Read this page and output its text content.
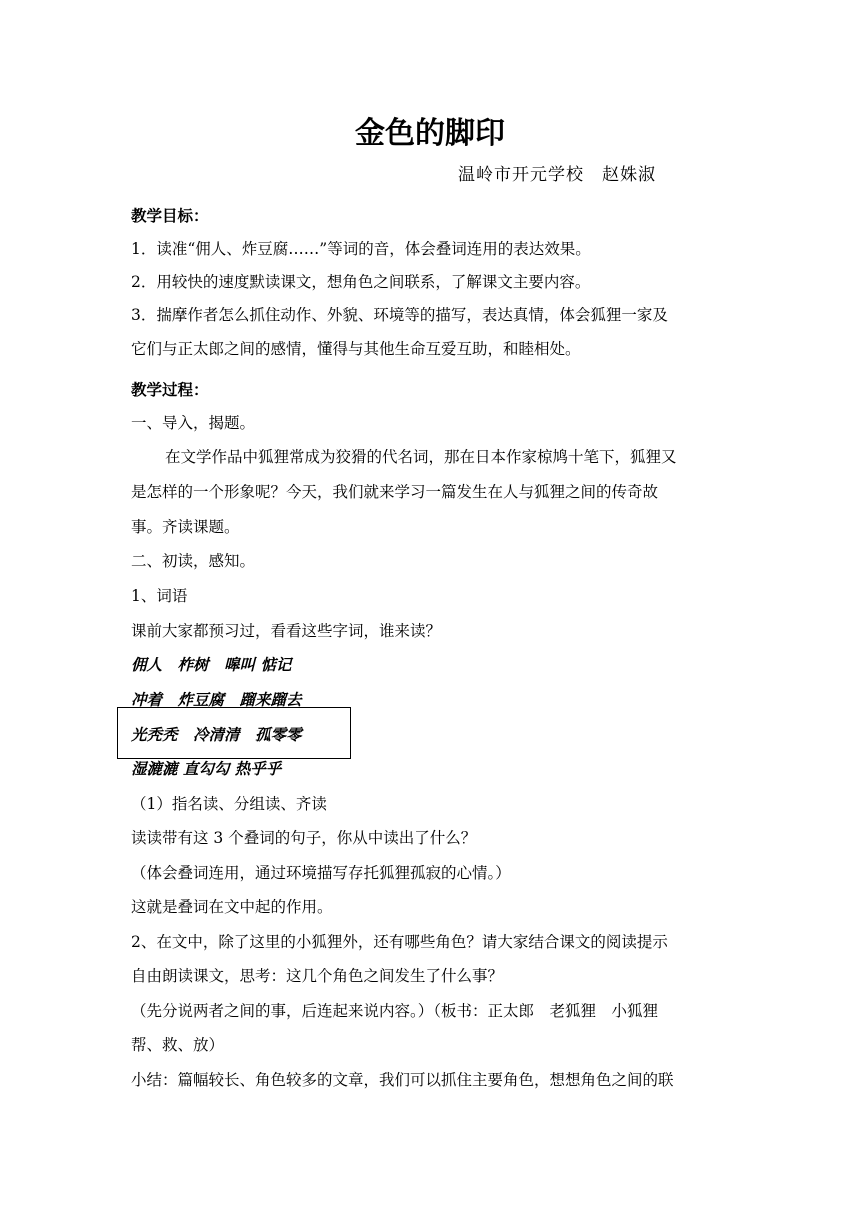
金色的脚印
温岭市开元学校　赵姝淑
教学目标：
1．读准“佣人、炸豆腐……”等词的音，体会叠词连用的表达效果。
2．用较快的速度默读课文，想角色之间联系，了解课文主要内容。
3．揣摩作者怎么抓住动作、外貌、环境等的描写，表达真情，体会狐狸一家及
它们与正太郎之间的感情，懂得与其他生命互爱互助，和睦相处。
教学过程：
一、导入，揭题。
在文学作品中狐狸常成为狡猾的代名词，那在日本作家椋鸠十笔下，狐狸又
是怎样的一个形象呢？今天，我们就来学习一篇发生在人与狐狸之间的传奇故
事。齐读课题。
二、初读，感知。
1、词语
课前大家都预习过，看看这些字词，谁来读？
佣人　柞树　嗥叫 惦记
冲着　炸豆腐　蹓来蹓去
光秃秃　冷清清　孤零零
湿漉漉 直勾勾 热乎乎
（1）指名读、分组读、齐读
读读带有这 3 个叠词的句子，你从中读出了什么？
（体会叠词连用，通过环境描写存托狐狸孤寂的心情。）
这就是叠词在文中起的作用。
2、在文中，除了这里的小狐狸外，还有哪些角色？请大家结合课文的阅读提示
自由朗读课文，思考：这几个角色之间发生了什么事？
（先分说两者之间的事，后连起来说内容。）（板书：正太郎　老狐狸　小狐狸
帮、救、放）
小结：篇幅较长、角色较多的文章，我们可以抓住主要角色，想想角色之间的联
